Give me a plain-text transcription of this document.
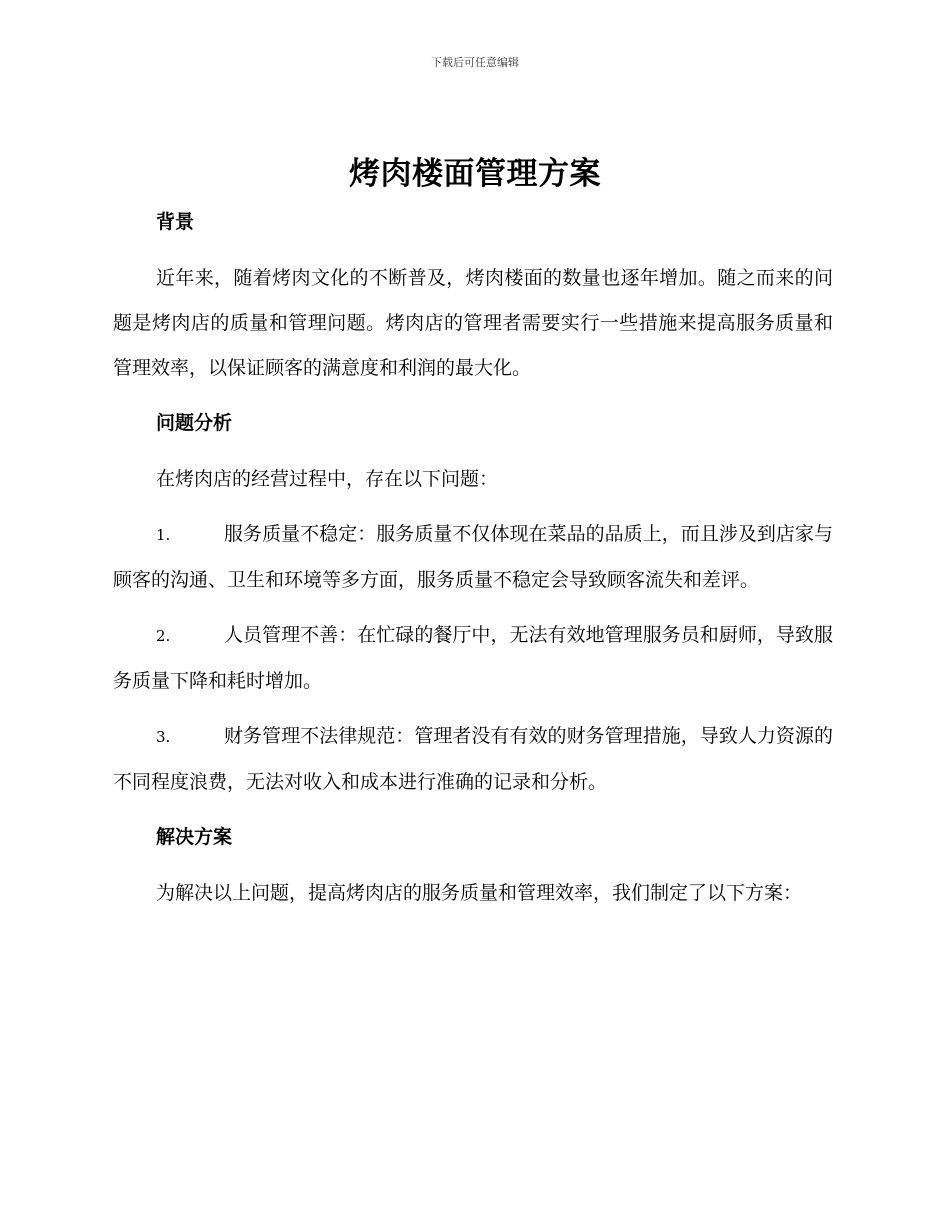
下载后可任意编辑
烤肉楼面管理方案
背景

近年来，随着烤肉文化的不断普及，烤肉楼面的数量也逐年增加。随之而来的问题是烤肉店的质量和管理问题。烤肉店的管理者需要实行一些措施来提高服务质量和管理效率，以保证顾客的满意度和利润的最大化。

问题分析

在烤肉店的经营过程中，存在以下问题：

1.	服务质量不稳定：服务质量不仅体现在菜品的品质上，而且涉及到店家与顾客的沟通、卫生和环境等多方面，服务质量不稳定会导致顾客流失和差评。

2.	人员管理不善：在忙碌的餐厅中，无法有效地管理服务员和厨师，导致服务质量下降和耗时增加。

3.	财务管理不法律规范：管理者没有有效的财务管理措施，导致人力资源的不同程度浪费，无法对收入和成本进行准确的记录和分析。

解决方案

为解决以上问题，提高烤肉店的服务质量和管理效率，我们制定了以下方案：
